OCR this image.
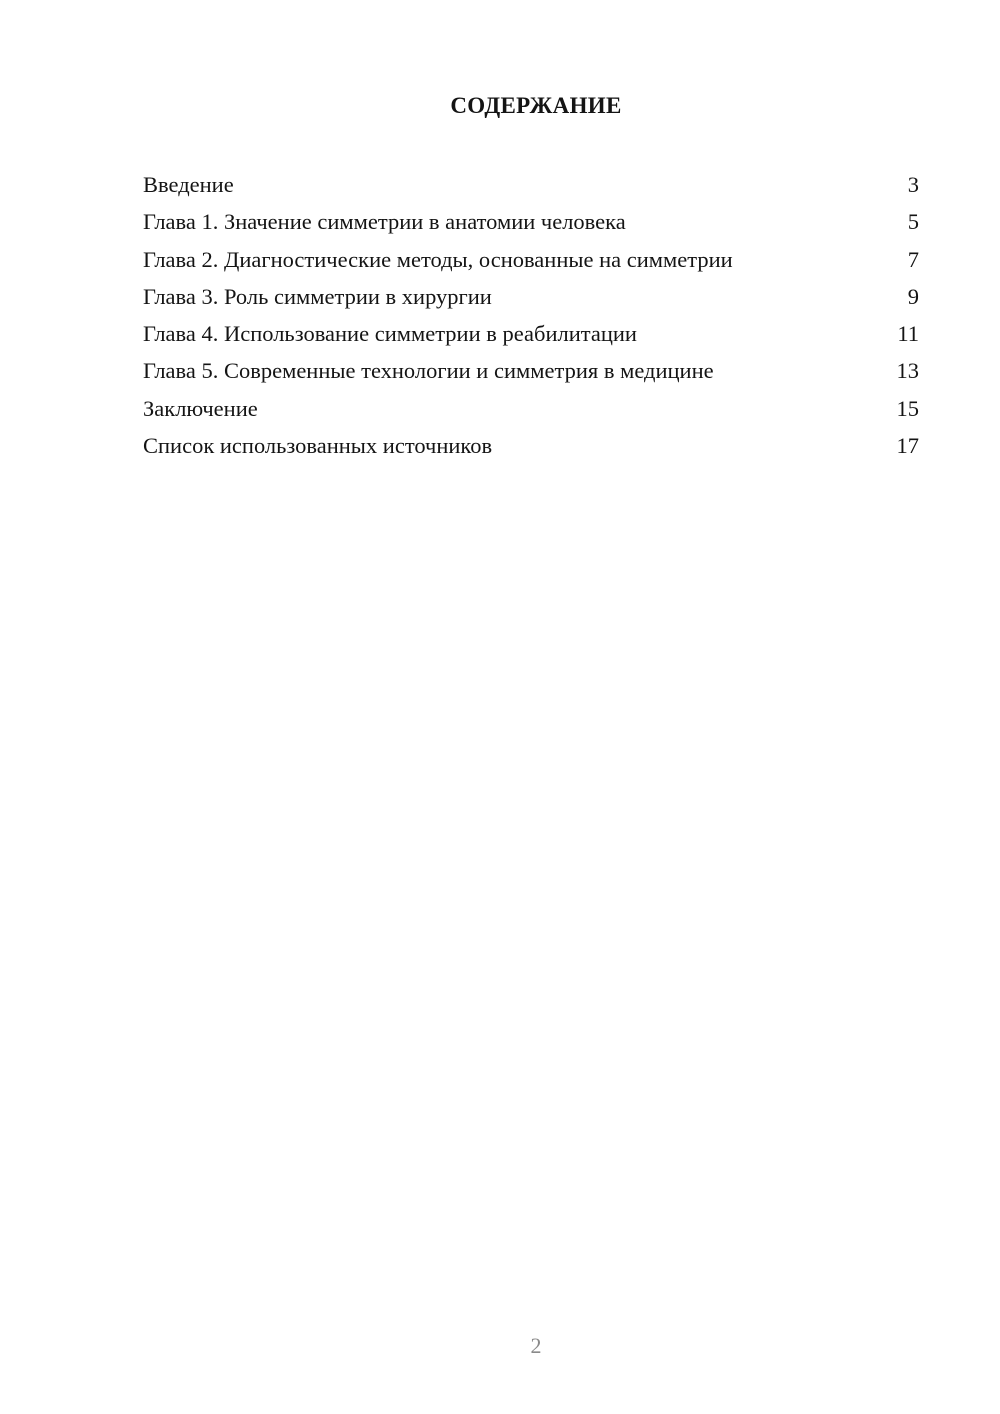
СОДЕРЖАНИЕ
Введение	3
Глава 1. Значение симметрии в анатомии человека	5
Глава 2. Диагностические методы, основанные на симметрии	7
Глава 3. Роль симметрии в хирургии	9
Глава 4. Использование симметрии в реабилитации	11
Глава 5. Современные технологии и симметрия в медицине	13
Заключение	15
Список использованных источников	17
2
